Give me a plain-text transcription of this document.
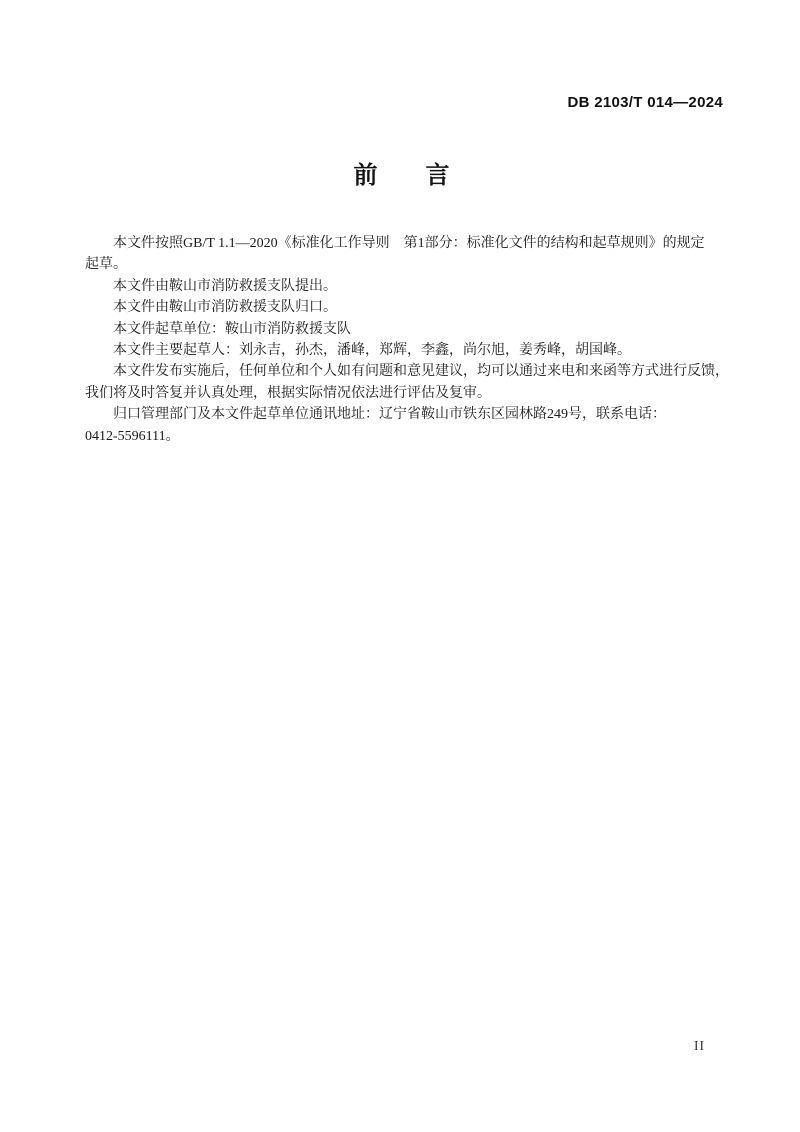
DB 2103/T 014—2024
前　　言
本文件按照GB/T 1.1—2020《标准化工作导则　第1部分：标准化文件的结构和起草规则》的规定
起草。
本文件由鞍山市消防救援支队提出。
本文件由鞍山市消防救援支队归口。
本文件起草单位：鞍山市消防救援支队
本文件主要起草人：刘永吉，孙杰，潘峰，郑辉，李鑫，尚尔旭，姜秀峰，胡国峰。
本文件发布实施后，任何单位和个人如有问题和意见建议，均可以通过来电和来函等方式进行反馈，
我们将及时答复并认真处理，根据实际情况依法进行评估及复审。
归口管理部门及本文件起草单位通讯地址：辽宁省鞍山市铁东区园林路249号，联系电话：
0412-5596111。
II
